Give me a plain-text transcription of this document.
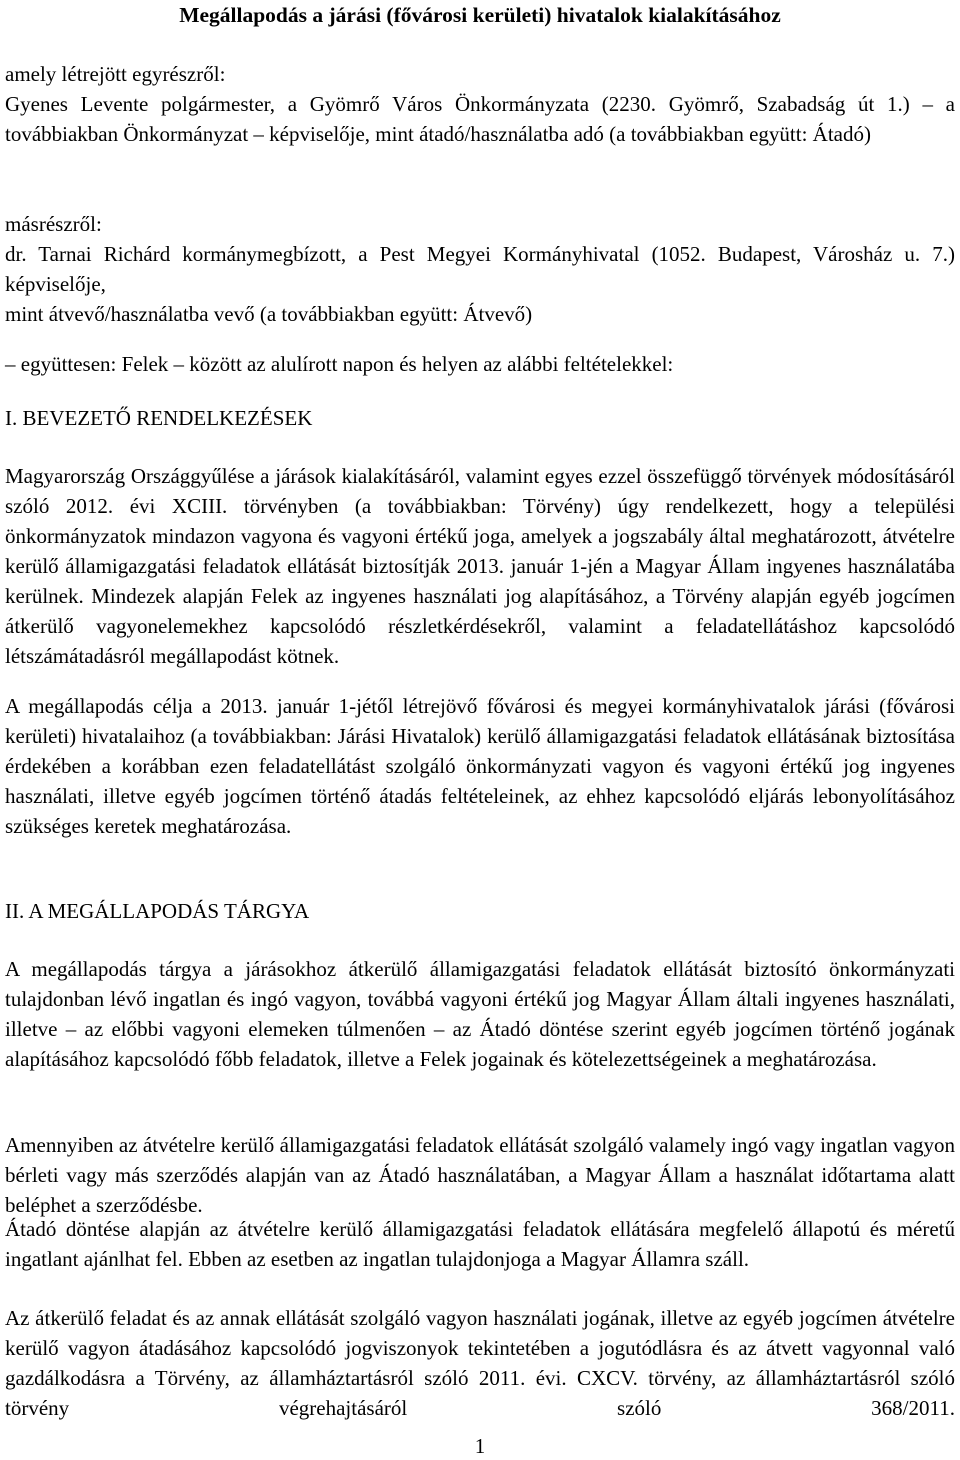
Megállapodás a járási (fővárosi kerületi) hivatalok kialakításához

amely létrejött egyrészről:

Gyenes Levente polgármester, a Gyömrő Város Önkormányzata (2230. Gyömrő, Szabadság út 1.) – a továbbiakban Önkormányzat – képviselője, mint átadó/használatba adó (a továbbiakban együtt: Átadó)

másrészről:

dr. Tarnai Richárd kormánymegbízott, a Pest Megyei Kormányhivatal (1052. Budapest, Városház u. 7.) képviselője,

mint átvevő/használatba vevő (a továbbiakban együtt: Átvevő)

– együttesen: Felek – között az alulírott napon és helyen az alábbi feltételekkel:

I. BEVEZETŐ RENDELKEZÉSEK

Magyarország Országgyűlése a járások kialakításáról, valamint egyes ezzel összefüggő törvények módosításáról szóló 2012. évi XCIII. törvényben (a továbbiakban: Törvény) úgy rendelkezett, hogy a települési önkormányzatok mindazon vagyona és vagyoni értékű joga, amelyek a jogszabály által meghatározott, átvételre kerülő államigazgatási feladatok ellátását biztosítják 2013. január 1-jén a Magyar Állam ingyenes használatába kerülnek. Mindezek alapján Felek az ingyenes használati jog alapításához, a Törvény alapján egyéb jogcímen átkerülő vagyonelemekhez kapcsolódó részletkérdésekről, valamint a feladatellátáshoz kapcsolódó létszámátadásról megállapodást kötnek.

A megállapodás célja a 2013. január 1-jétől létrejövő fővárosi és megyei kormányhivatalok járási (fővárosi kerületi) hivatalaihoz (a továbbiakban: Járási Hivatalok) kerülő államigazgatási feladatok ellátásának biztosítása érdekében a korábban ezen feladatellátást szolgáló önkormányzati vagyon és vagyoni értékű jog ingyenes használati, illetve egyéb jogcímen történő átadás feltételeinek, az ehhez kapcsolódó eljárás lebonyolításához szükséges keretek meghatározása.

II. A MEGÁLLAPODÁS TÁRGYA

A megállapodás tárgya a járásokhoz átkerülő államigazgatási feladatok ellátását biztosító önkormányzati tulajdonban lévő ingatlan és ingó vagyon, továbbá vagyoni értékű jog Magyar Állam általi ingyenes használati, illetve – az előbbi vagyoni elemeken túlmenően – az Átadó döntése szerint egyéb jogcímen történő jogának alapításához kapcsolódó főbb feladatok, illetve a Felek jogainak és kötelezettségeinek a meghatározása.

Amennyiben az átvételre kerülő államigazgatási feladatok ellátását szolgáló valamely ingó vagy ingatlan vagyon bérleti vagy más szerződés alapján van az Átadó használatában, a Magyar Állam a használat időtartama alatt beléphet a szerződésbe.

Átadó döntése alapján az átvételre kerülő államigazgatási feladatok ellátására megfelelő állapotú és méretű ingatlant ajánlhat fel. Ebben az esetben az ingatlan tulajdonjoga a Magyar Államra száll.

Az átkerülő feladat és az annak ellátását szolgáló vagyon használati jogának, illetve az egyéb jogcímen átvételre kerülő vagyon átadásához kapcsolódó jogviszonyok tekintetében a jogutódlásra és az átvett vagyonnal való gazdálkodásra a Törvény, az államháztartásról szóló 2011. évi. CXCV. törvény, az államháztartásról szóló törvény végrehajtásáról szóló 368/2011.

1
